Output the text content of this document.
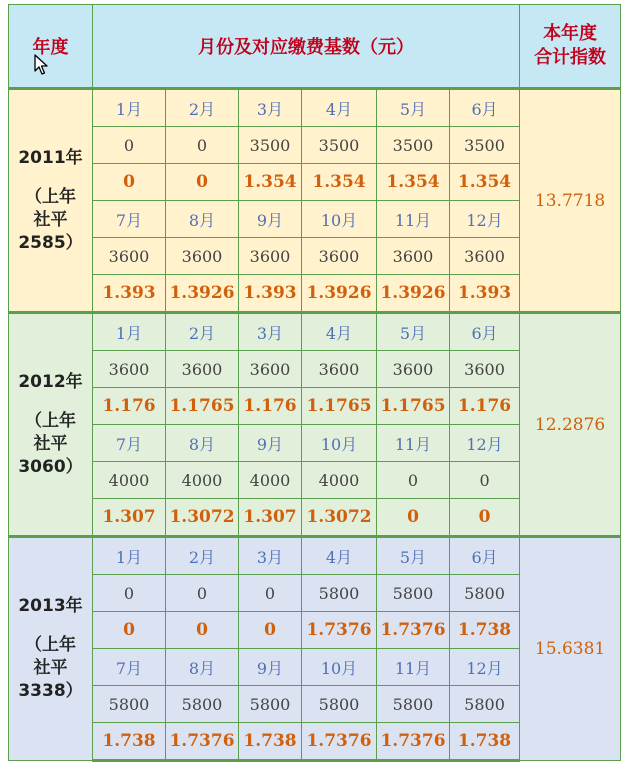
年度	月份及对应缴费基数（元）						本年度
合计指数

2011年
（上年
社平
2585）	1月	2月	3月	4月	5月	6月	13.7718
	0	0	3500	3500	3500	3500	
	0	0	1.354	1.354	1.354	1.354	
	7月	8月	9月	10月	11月	12月	
	3600	3600	3600	3600	3600	3600	
	1.393	1.3926	1.393	1.3926	1.3926	1.393	

2012年
（上年
社平
3060）	1月	2月	3月	4月	5月	6月	12.2876
	3600	3600	3600	3600	3600	3600	
	1.176	1.1765	1.176	1.1765	1.1765	1.176	
	7月	8月	9月	10月	11月	12月	
	4000	4000	4000	4000	0	0	
	1.307	1.3072	1.307	1.3072	0	0	

2013年
（上年
社平
3338）	1月	2月	3月	4月	5月	6月	15.6381
	0	0	0	5800	5800	5800	
	0	0	0	1.7376	1.7376	1.738	
	7月	8月	9月	10月	11月	12月	
	5800	5800	5800	5800	5800	5800	
	1.738	1.7376	1.738	1.7376	1.7376	1.738	
